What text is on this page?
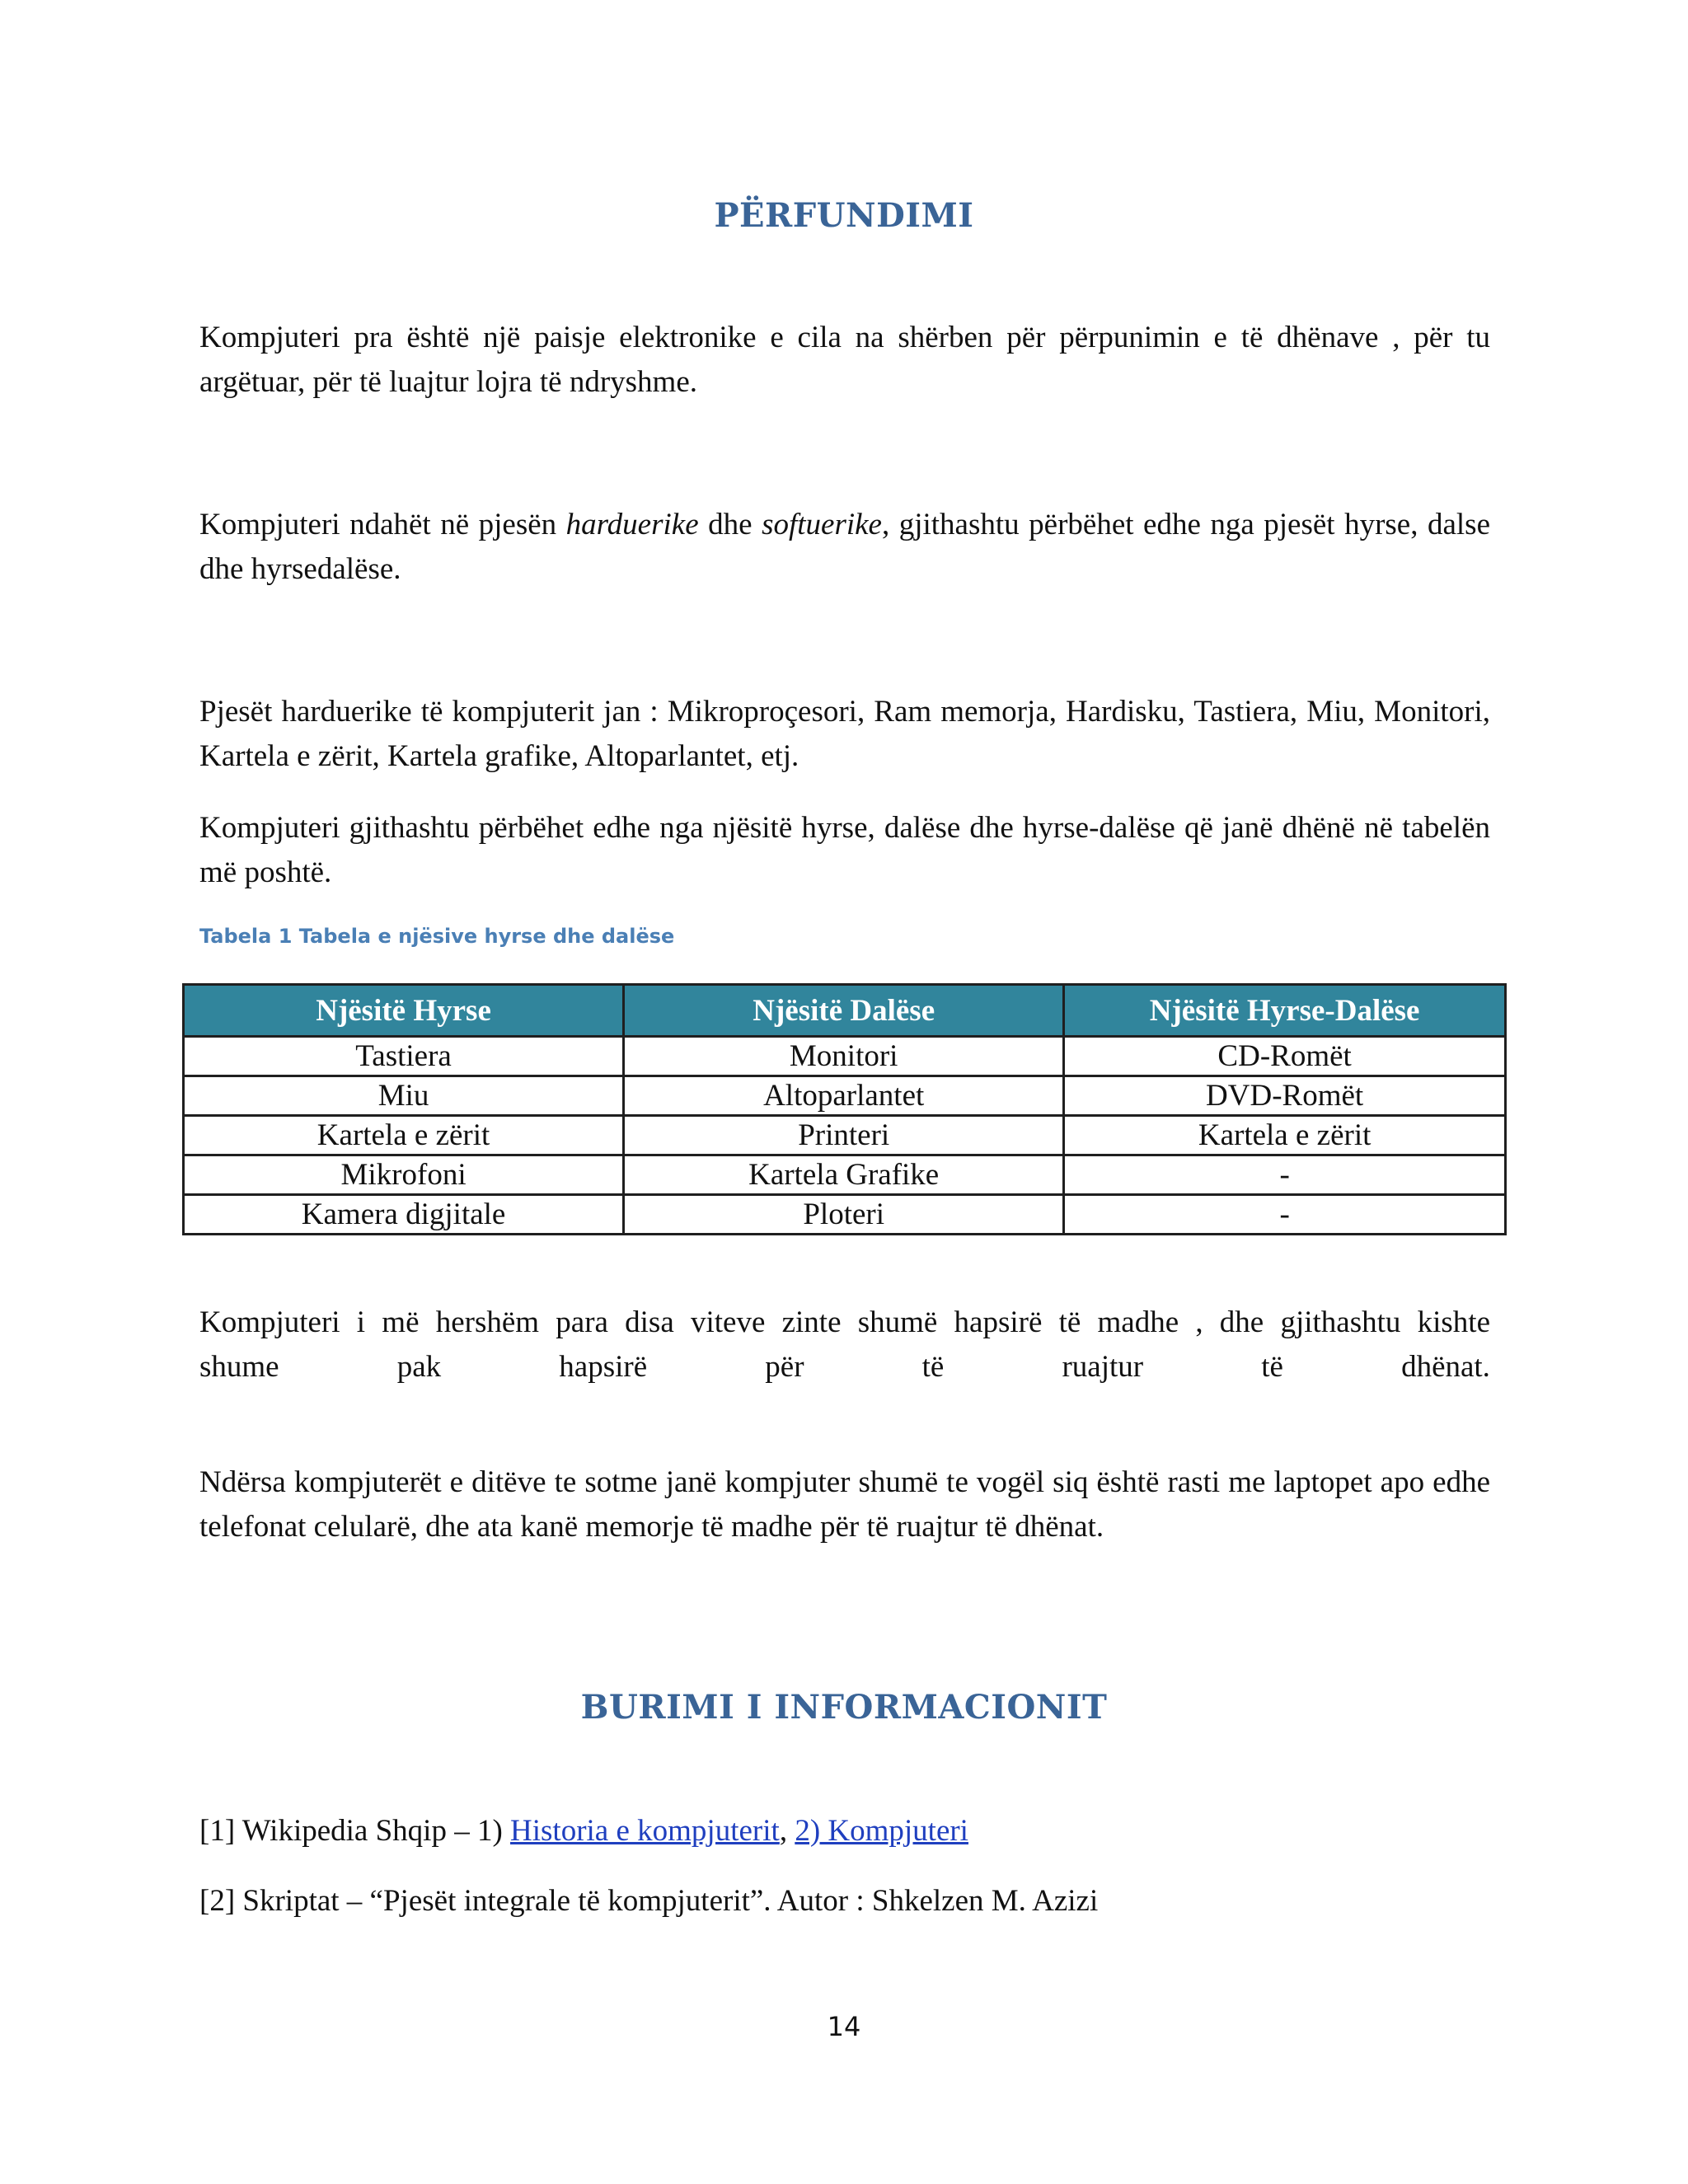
PËRFUNDIMI

Kompjuteri pra është një paisje elektronike e cila na shërben për përpunimin e të dhënave , për tu argëtuar, për të luajtur lojra të ndryshme.

Kompjuteri ndahët në pjesën harduerike dhe softuerike, gjithashtu përbëhet edhe nga pjesët hyrse, dalse dhe hyrsedalëse.

Pjesët harduerike të kompjuterit jan : Mikroproçesori, Ram memorja, Hardisku, Tastiera, Miu, Monitori, Kartela e zërit, Kartela grafike, Altoparlantet, etj.

Kompjuteri gjithashtu përbëhet edhe nga njësitë hyrse, dalëse dhe hyrse-dalëse që janë dhënë në tabelën më poshtë.

Tabela 1 Tabela e njësive hyrse dhe dalëse
Njësitë Hyrse	Njësitë Dalëse	Njësitë Hyrse-Dalëse
Tastiera	Monitori	CD-Romët
Miu	Altoparlantet	DVD-Romët
Kartela e zërit	Printeri	Kartela e zërit
Mikrofoni	Kartela Grafike	-
Kamera digjitale	Ploteri	-
Kompjuteri i më hershëm para disa viteve zinte shumë hapsirë të madhe , dhe gjithashtu kishte
shume	pak	hapsirë	për	të	ruajtur	të	dhënat.

Ndërsa kompjuterët e ditëve te sotme janë kompjuter shumë te vogël siq është rasti me laptopet apo edhe telefonat celularë, dhe ata kanë memorje të madhe për të ruajtur të dhënat.

BURIMI I INFORMACIONIT

[1] Wikipedia Shqip – 1) Historia e kompjuterit, 2) Kompjuteri

[2] Skriptat – “Pjesët integrale të kompjuterit”. Autor : Shkelzen M. Azizi

14
